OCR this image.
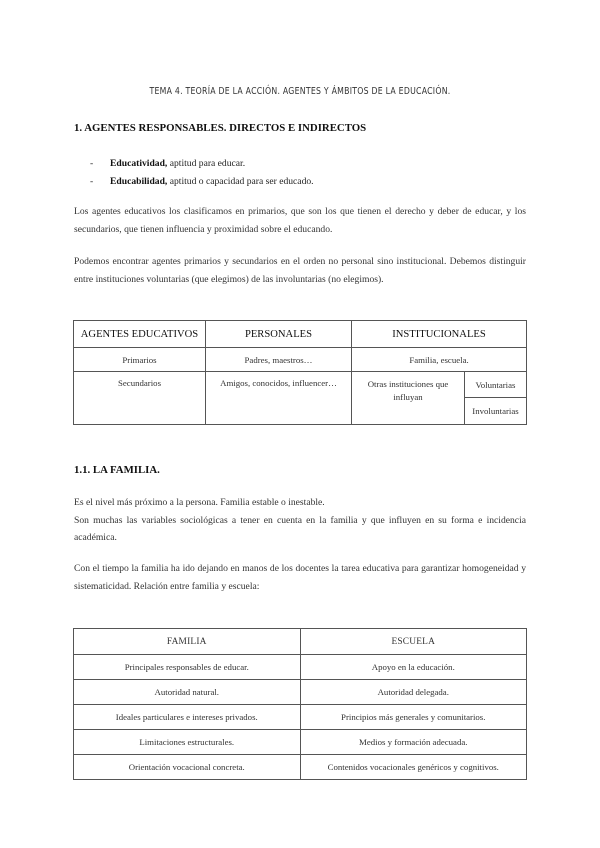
TEMA 4. TEORÍA DE LA ACCIÓN. AGENTES Y ÁMBITOS DE LA EDUCACIÓN.
1. AGENTES RESPONSABLES. DIRECTOS E INDIRECTOS
-	Educatividad, aptitud para educar.
-	Educabilidad, aptitud o capacidad para ser educado.

Los agentes educativos los clasificamos en primarios, que son los que tienen el derecho y deber de educar, y los secundarios, que tienen influencia y proximidad sobre el educando.

Podemos encontrar agentes primarios y secundarios en el orden no personal sino institucional. Debemos distinguir entre instituciones voluntarias (que elegimos) de las involuntarias (no elegimos).

AGENTES EDUCATIVOS	PERSONALES	INSTITUCIONALES	
Primarios	Padres, maestros…	Familia, escuela.	
Secundarios	Amigos, conocidos, influencer…	Otras instituciones que influyan	Voluntarias
			Involuntarias
1.1. LA FAMILIA.

Es el nivel más próximo a la persona. Familia estable o inestable.

Son muchas las variables sociológicas a tener en cuenta en la familia y que influyen en su forma e incidencia académica.

Con el tiempo la familia ha ido dejando en manos de los docentes la tarea educativa para garantizar homogeneidad y sistematicidad. Relación entre familia y escuela:

FAMILIA	ESCUELA
Principales responsables de educar.	Apoyo en la educación.
Autoridad natural.	Autoridad delegada.
Ideales particulares e intereses privados.	Principios más generales y comunitarios.
Limitaciones estructurales.	Medios y formación adecuada.
Orientación vocacional concreta.	Contenidos vocacionales genéricos y cognitivos.
